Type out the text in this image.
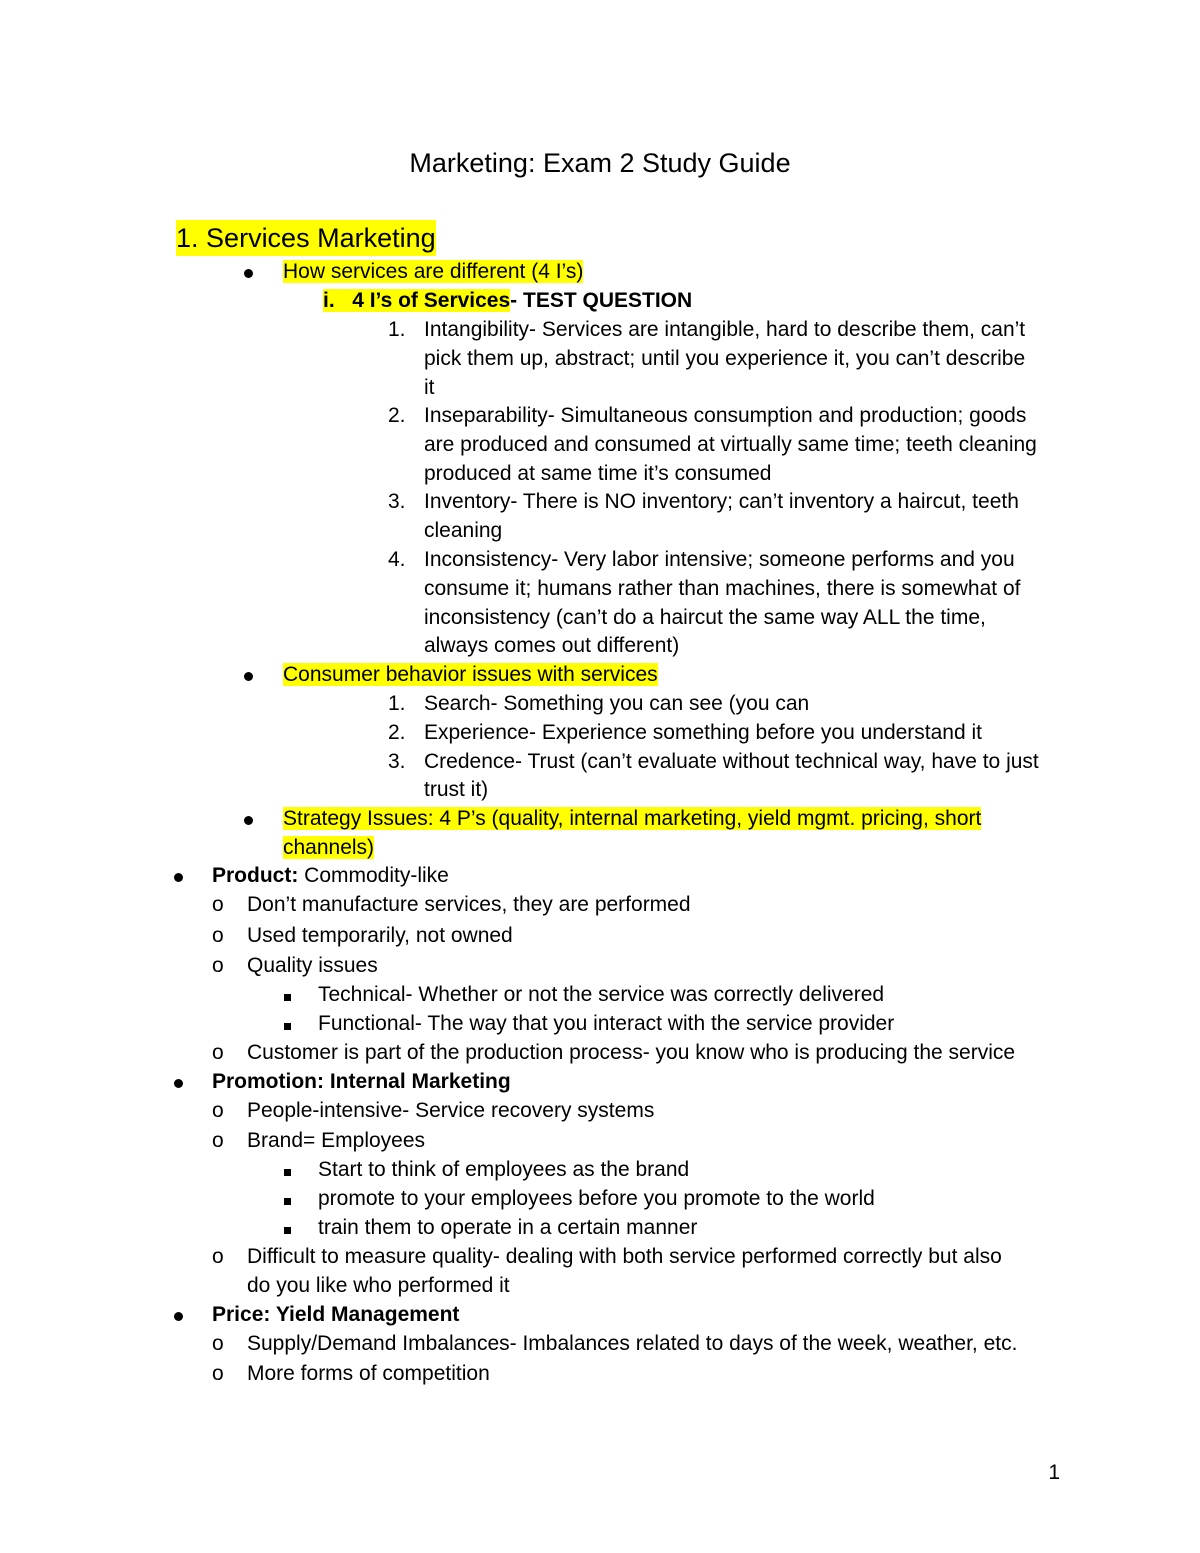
Marketing: Exam 2 Study Guide
1. Services Marketing
How services are different (4 I’s)
i. 4 I’s of Services- TEST QUESTION
1. Intangibility- Services are intangible, hard to describe them, can’t
pick them up, abstract; until you experience it, you can’t describe
it
2. Inseparability- Simultaneous consumption and production; goods
are produced and consumed at virtually same time; teeth cleaning
produced at same time it’s consumed
3. Inventory- There is NO inventory; can’t inventory a haircut, teeth
cleaning
4. Inconsistency- Very labor intensive; someone performs and you
consume it; humans rather than machines, there is somewhat of
inconsistency (can’t do a haircut the same way ALL the time,
always comes out different)
Consumer behavior issues with services
1. Search- Something you can see (you can
2. Experience- Experience something before you understand it
3. Credence- Trust (can’t evaluate without technical way, have to just
trust it)
Strategy Issues: 4 P’s (quality, internal marketing, yield mgmt. pricing, short
channels)
Product: Commodity-like
o Don’t manufacture services, they are performed
o Used temporarily, not owned
o Quality issues
Technical- Whether or not the service was correctly delivered
Functional- The way that you interact with the service provider
o Customer is part of the production process- you know who is producing the service
Promotion: Internal Marketing
o People-intensive- Service recovery systems
o Brand= Employees
Start to think of employees as the brand
promote to your employees before you promote to the world
train them to operate in a certain manner
o Difficult to measure quality- dealing with both service performed correctly but also
do you like who performed it
Price: Yield Management
o Supply/Demand Imbalances- Imbalances related to days of the week, weather, etc.
o More forms of competition
1
